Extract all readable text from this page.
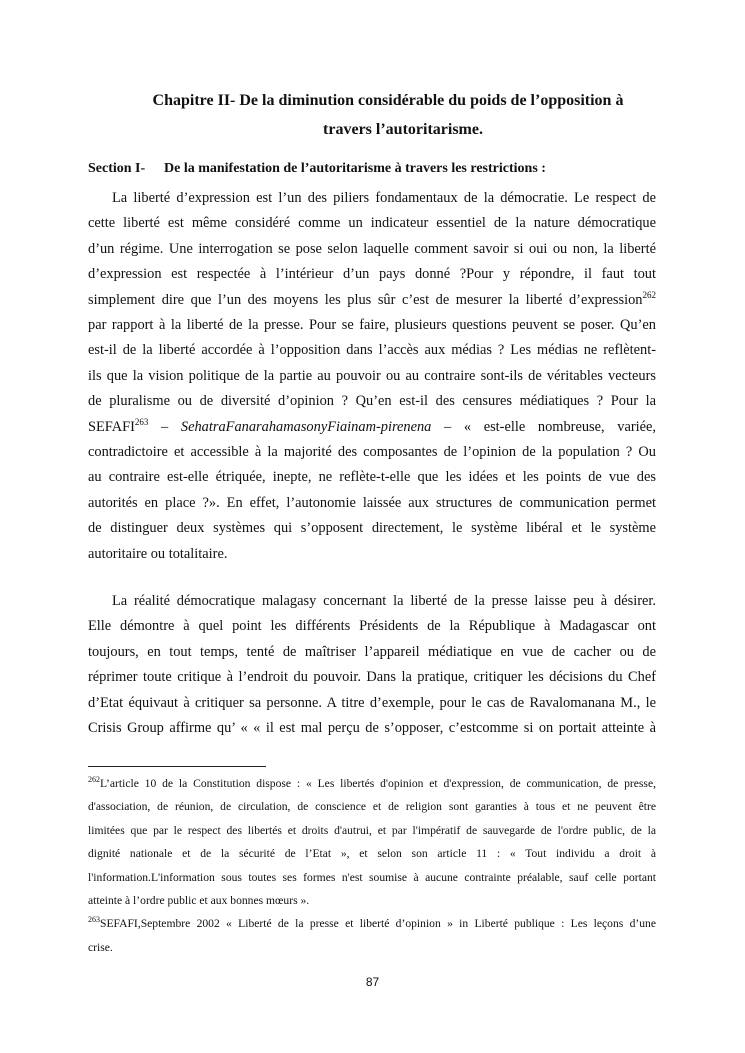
Chapitre II- De la diminution considérable du poids de l’opposition à
travers l’autoritarisme.
Section I- De la manifestation de l’autoritarisme à travers les restrictions :

La liberté d’expression est l’un des piliers fondamentaux de la démocratie. Le respect de
cette liberté est même considéré comme un indicateur essentiel de la nature démocratique
d’un régime. Une interrogation se pose selon laquelle comment savoir si oui ou non, la liberté
d’expression est respectée à l’intérieur d’un pays donné ?Pour y répondre, il faut tout
simplement dire que l’un des moyens les plus sûr c’est de mesurer la liberté d’expression$^{262}$
par rapport à la liberté de la presse. Pour se faire, plusieurs questions peuvent se poser. Qu’en
est-il de la liberté accordée à l’opposition dans l’accès aux médias ? Les médias ne reflètent-
ils que la vision politique de la partie au pouvoir ou au contraire sont-ils de véritables vecteurs
de pluralisme ou de diversité d’opinion ? Qu’en est-il des censures médiatiques ? Pour la
SEFAFI$^{263}$ – SehatraFanarahamasonyFiainam-pirenena – « est-elle nombreuse, variée,
contradictoire et accessible à la majorité des composantes de l’opinion de la population ? Ou
au contraire est-elle étriquée, inepte, ne reflète-t-elle que les idées et les points de vue des
autorités en place ?». En effet, l’autonomie laissée aux structures de communication permet
de distinguer deux systèmes qui s’opposent directement, le système libéral et le système
autoritaire ou totalitaire.

La réalité démocratique malagasy concernant la liberté de la presse laisse peu à désirer.
Elle démontre à quel point les différents Présidents de la République à Madagascar ont
toujours, en tout temps, tenté de maîtriser l’appareil médiatique en vue de cacher ou de
réprimer toute critique à l’endroit du pouvoir. Dans la pratique, critiquer les décisions du Chef
d’Etat équivaut à critiquer sa personne. A titre d’exemple, pour le cas de Ravalomanana M., le
Crisis Group affirme qu’ « « il est mal perçu de s’opposer, c’estcomme si on portait atteinte à

$^{262}$L’article 10 de la Constitution dispose : « Les libertés d'opinion et d'expression, de communication, de presse,
d'association, de réunion, de circulation, de conscience et de religion sont garanties à tous et ne peuvent être
limitées que par le respect des libertés et droits d'autrui, et par l'impératif de sauvegarde de l'ordre public, de la
dignité nationale et de la sécurité de l’Etat », et selon son article 11 : « Tout individu a droit à
l'information.L'information sous toutes ses formes n'est soumise à aucune contrainte préalable, sauf celle portant
atteinte à l’ordre public et aux bonnes mœurs ».
$^{263}$SEFAFI,Septembre 2002 « Liberté de la presse et liberté d’opinion » in Liberté publique : Les leçons d’une
crise.
87
